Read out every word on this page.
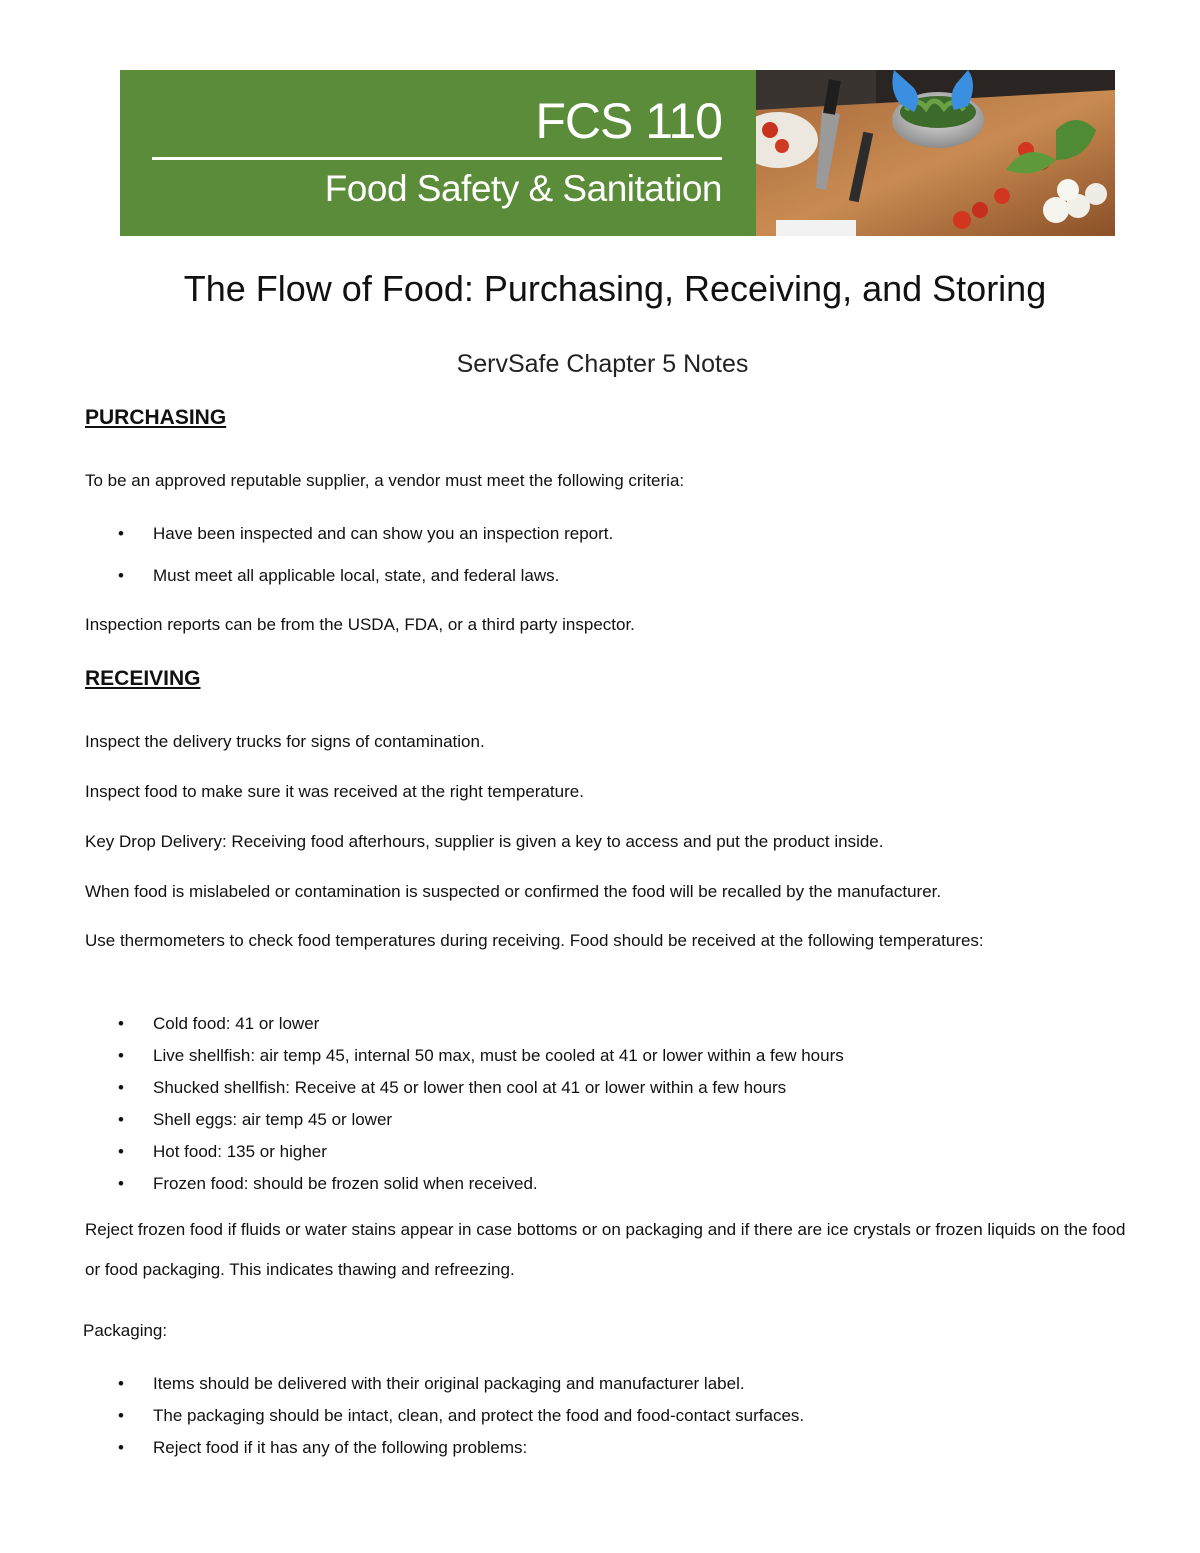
FCS 110
Food Safety & Sanitation
The Flow of Food: Purchasing, Receiving, and Storing
ServSafe Chapter 5 Notes
PURCHASING

To be an approved reputable supplier, a vendor must meet the following criteria:

• Have been inspected and can show you an inspection report.
• Must meet all applicable local, state, and federal laws.

Inspection reports can be from the USDA, FDA, or a third party inspector.

RECEIVING

Inspect the delivery trucks for signs of contamination.

Inspect food to make sure it was received at the right temperature.

Key Drop Delivery: Receiving food afterhours, supplier is given a key to access and put the product inside.

When food is mislabeled or contamination is suspected or confirmed the food will be recalled by the manufacturer.

Use thermometers to check food temperatures during receiving. Food should be received at the following temperatures:

• Cold food: 41 or lower
• Live shellfish: air temp 45, internal 50 max, must be cooled at 41 or lower within a few hours
• Shucked shellfish: Receive at 45 or lower then cool at 41 or lower within a few hours
• Shell eggs: air temp 45 or lower
• Hot food: 135 or higher
• Frozen food: should be frozen solid when received.

Reject frozen food if fluids or water stains appear in case bottoms or on packaging and if there are ice crystals or frozen liquids on the food or food packaging. This indicates thawing and refreezing.

Packaging:

• Items should be delivered with their original packaging and manufacturer label.
• The packaging should be intact, clean, and protect the food and food-contact surfaces.
• Reject food if it has any of the following problems:
